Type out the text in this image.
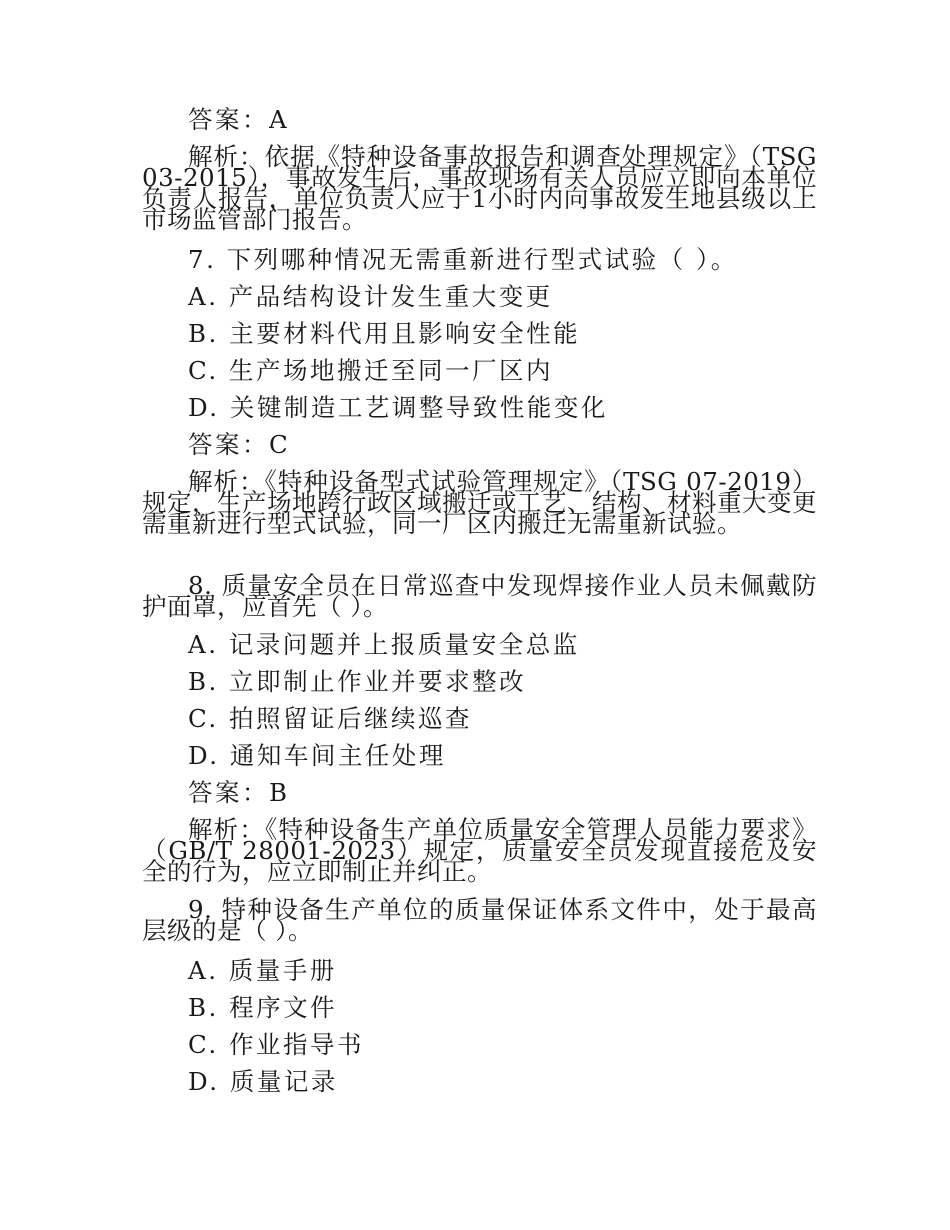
答案：A
解析：依据《特种设备事故报告和调查处理规定》（TSG 03-2015），事故发生后，事故现场有关人员应立即向本单位负责人报告，单位负责人应于1小时内向事故发生地县级以上市场监管部门报告。
7. 下列哪种情况无需重新进行型式试验（ ）。
A. 产品结构设计发生重大变更
B. 主要材料代用且影响安全性能
C. 生产场地搬迁至同一厂区内
D. 关键制造工艺调整导致性能变化
答案：C
解析：《特种设备型式试验管理规定》（TSG 07-2019）规定，生产场地跨行政区域搬迁或工艺、结构、材料重大变更需重新进行型式试验，同一厂区内搬迁无需重新试验。
8. 质量安全员在日常巡查中发现焊接作业人员未佩戴防护面罩，应首先（ ）。
A. 记录问题并上报质量安全总监
B. 立即制止作业并要求整改
C. 拍照留证后继续巡查
D. 通知车间主任处理
答案：B
解析：《特种设备生产单位质量安全管理人员能力要求》（GB/T 28001-2023）规定，质量安全员发现直接危及安全的行为，应立即制止并纠正。
9. 特种设备生产单位的质量保证体系文件中，处于最高层级的是（ ）。
A. 质量手册
B. 程序文件
C. 作业指导书
D. 质量记录
